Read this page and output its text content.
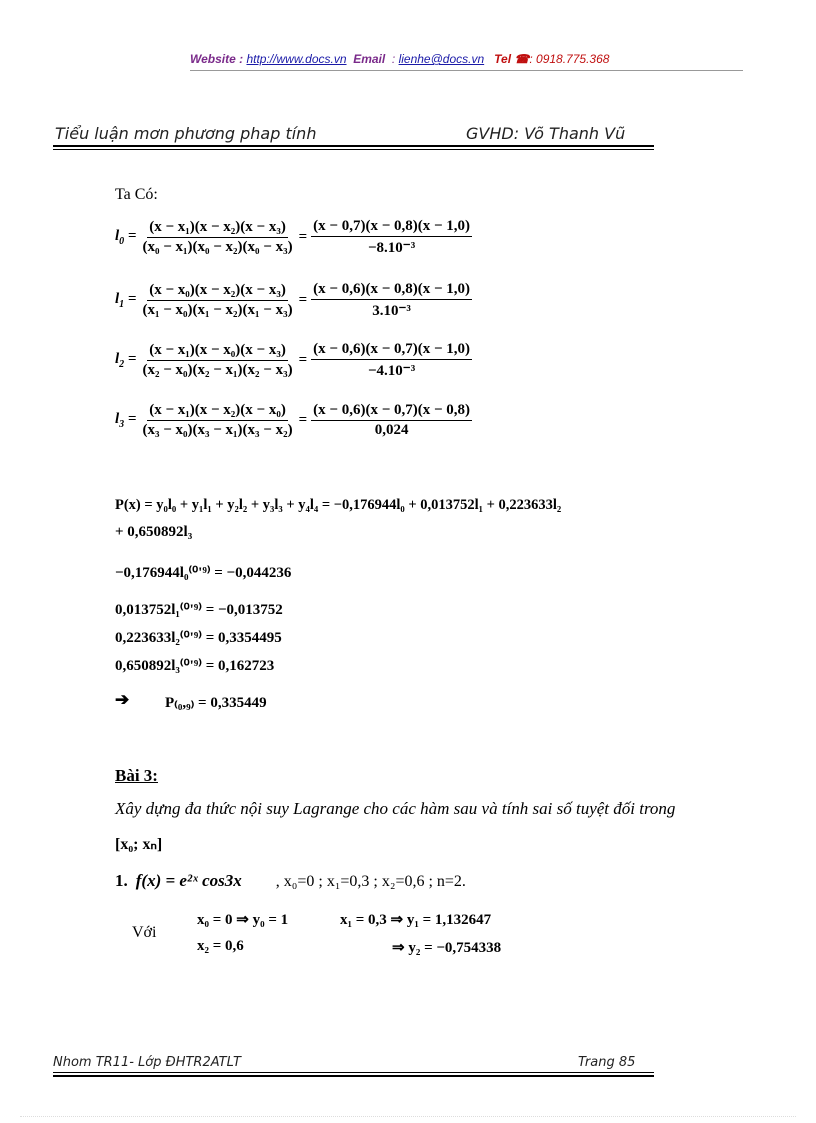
Website : http://www.docs.vn Email : lienhe@docs.vn Tel ☎: 0918.775.368
Tiểu luận mơn phương phap tính	GVHD: Võ Thanh Vũ
Ta Có:
$l_0 = \frac{\text{(x − x₁)(x − x₂)(x − x₃)}}{\text{(x₀ − x₁)(x₀ − x₂)(x₀ − x₃)}} = \frac{(x - 0,7)(x - 0,8)(x - 1,0)}{\text{−8.10⁻³}}$
$l_1 = \frac{\text{(x − x₀)(x − x₂)(x − x₃)}}{\text{(x₁ − x₀)(x₁ − x₂)(x₁ − x₃)}} = \frac{(x - 0,6)(x - 0,8)(x - 1,0)}{\text{3.10⁻³}}$
$l_2 = \frac{\text{(x − x₁)(x − x₀)(x − x₃)}}{\text{(x₂ − x₀)(x₂ − x₁)(x₂ − x₃)}} = \frac{(x - 0,6)(x - 0,7)(x - 1,0)}{\text{−4.10⁻³}}$
$l_3 = \frac{\text{(x − x₁)(x − x₂)(x − x₀)}}{\text{(x₃ − x₀)(x₃ − x₁)(x₃ − x₂)}} = \frac{(x - 0,6)(x - 0,7)(x - 0,8)}{0,024}$
P(x) = y₀l₀ + y₁l₁ + y₂l₂ + y₃l₃ + y₄l₄ = −0,176944l₀ + 0,013752l₁ + 0,223633l₂
+ 0,650892l₃
−0,176944l₀⁽⁰'⁹⁾ = −0,044236
0,013752l₁⁽⁰'⁹⁾ = −0,013752
0,223633l₂⁽⁰'⁹⁾ = 0,3354495
0,650892l₃⁽⁰'⁹⁾ = 0,162723
➔ P₍₀,₉₎ = 0,335449
Bài 3:
Xây dựng đa thức nội suy Lagrange cho các hàm sau và tính sai số tuyệt đối trong
[x₀; xₙ]
1. f(x) = e²ˣ cos3x , x₀=0 ; x₁=0,3 ; x₂=0,6 ; n=2.
Với
x₀ = 0 ⇒ y₀ = 1	x₁ = 0,3 ⇒ y₁ = 1,132647
x₂ = 0,6	⇒ y₂ = −0,754338
Nhom TR11- Lớp ĐHTR2ATLT	Trang 85
